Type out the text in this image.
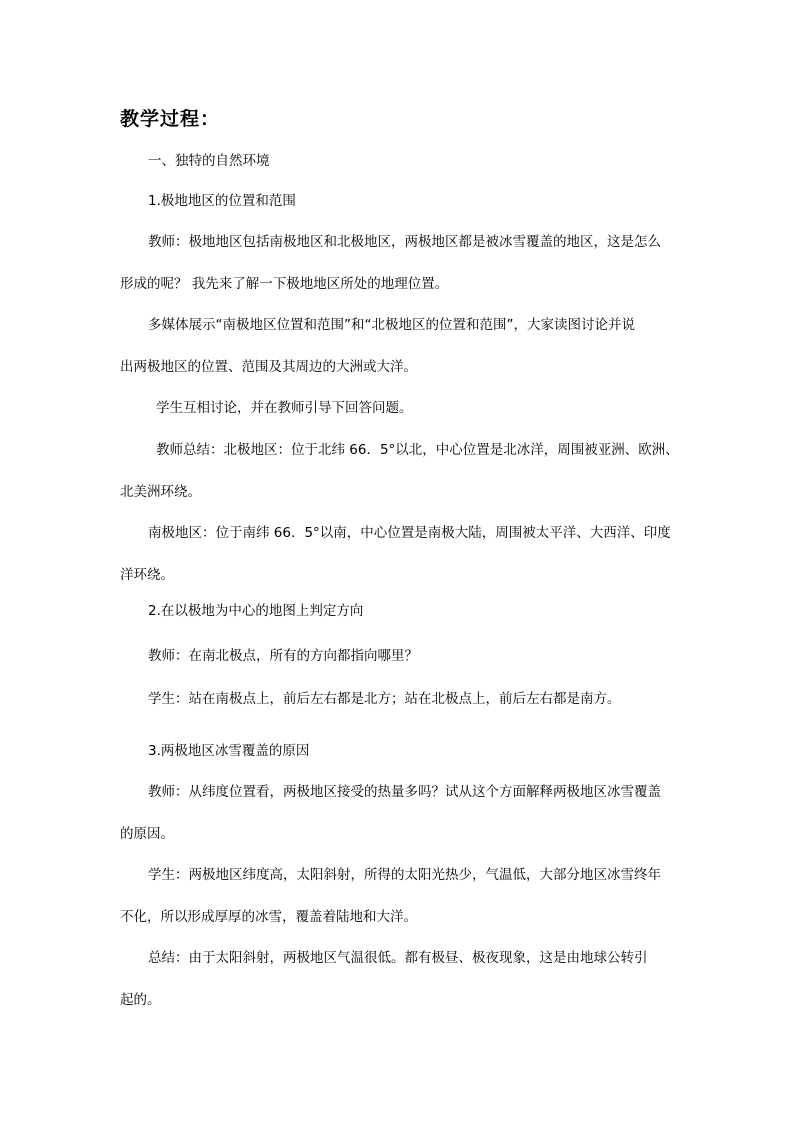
教学过程：
一、独特的自然环境
1.极地地区的位置和范围
教师：极地地区包括南极地区和北极地区，两极地区都是被冰雪覆盖的地区，这是怎么
形成的呢？ 我先来了解一下极地地区所处的地理位置。
多媒体展示“南极地区位置和范围”和“北极地区的位置和范围”，大家读图讨论并说
出两极地区的位置、范围及其周边的大洲或大洋。
学生互相讨论，并在教师引导下回答问题。
教师总结：北极地区：位于北纬 66．5°以北，中心位置是北冰洋，周围被亚洲、欧洲、
北美洲环绕。
南极地区：位于南纬 66．5°以南，中心位置是南极大陆，周围被太平洋、大西洋、印度
洋环绕。
2.在以极地为中心的地图上判定方向
教师：在南北极点，所有的方向都指向哪里？
学生：站在南极点上，前后左右都是北方；站在北极点上，前后左右都是南方。
3.两极地区冰雪覆盖的原因
教师：从纬度位置看，两极地区接受的热量多吗？试从这个方面解释两极地区冰雪覆盖
的原因。
学生：两极地区纬度高，太阳斜射，所得的太阳光热少，气温低，大部分地区冰雪终年
不化，所以形成厚厚的冰雪，覆盖着陆地和大洋。
总结：由于太阳斜射，两极地区气温很低。都有极昼、极夜现象，这是由地球公转引
起的。
